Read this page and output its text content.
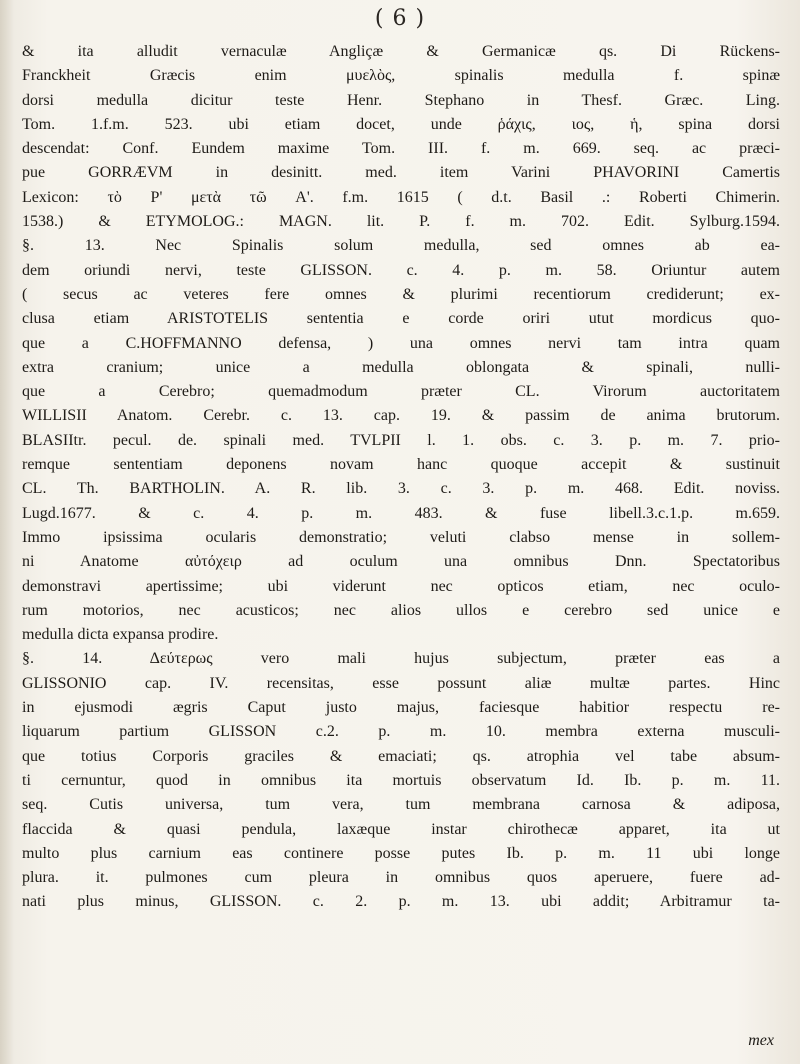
( 6 )
& ita alludit vernaculæ Angliçæ & Germanicæ qs. Di Rückens-
Franckheit Græcis enim μυελὸς, spinalis medulla f. spinæ
dorsi medulla dicitur teste Henr. Stephano in Thesf. Græc. Ling.
Tom. 1.f.m. 523. ubi etiam docet, unde ῥάχις, ιος, ἡ, spina dorsi
descendat: Conf. Eundem maxime Tom. III. f. m. 669. seq. ac præci-
pue GORRÆVM in desinitt. med. item Varini PHAVORINI Camertis
Lexicon: τὸ P' μετὰ τῶ A'. f.m. 1615 ( d.t. Basil .: Roberti Chimerin.
1538.) & ETYMOLOG.: MAGN. lit. P. f. m. 702. Edit. Sylburg.1594.
§. 13. Nec Spinalis solum medulla, sed omnes ab ea-
dem oriundi nervi, teste GLISSON. c. 4. p. m. 58. Oriuntur autem
( secus ac veteres fere omnes & plurimi recentiorum crediderunt; ex-
clusa etiam ARISTOTELIS sententia e corde oriri utut mordicus quo-
que a C.HOFFMANNO defensa, ) una omnes nervi tam intra quam
extra cranium; unice a medulla oblongata & spinali, nulli-
que a Cerebro; quemadmodum præter CL. Virorum auctoritatem
WILLISII Anatom. Cerebr. c. 13. cap. 19. & passim de anima brutorum.
BLASIItr. pecul. de. spinali med. TVLPII l. 1. obs. c. 3. p. m. 7. prio-
remque sententiam deponens novam hanc quoque accepit & sustinuit
CL. Th. BARTHOLIN. A. R. lib. 3. c. 3. p. m. 468. Edit. noviss.
Lugd.1677. & c. 4. p. m. 483. & fuse libell.3.c.1.p. m.659.
Immo ipsissima ocularis demonstratio; veluti clabso mense in sollem-
ni Anatome αὐτόχειρ ad oculum una omnibus Dnn. Spectatoribus
demonstravi apertissime; ubi viderunt nec opticos etiam, nec oculo-
rum motorios, nec acusticos; nec alios ullos e cerebro sed unice e
medulla dicta expansa prodire.
§. 14. Δεύτερως vero mali hujus subjectum, præter eas a
GLISSONIO cap. IV. recensitas, esse possunt aliæ multæ partes. Hinc
in ejusmodi ægris Caput justo majus, faciesque habitior respectu re-
liquarum partium GLISSON c.2. p. m. 10. membra externa musculi-
que totius Corporis graciles & emaciati; qs. atrophia vel tabe absum-
ti cernuntur, quod in omnibus ita mortuis observatum Id. Ib. p. m. 11.
seq. Cutis universa, tum vera, tum membrana carnosa & adiposa,
flaccida & quasi pendula, laxæque instar chirothecæ apparet, ita ut
multo plus carnium eas continere posse putes Ib. p. m. 11 ubi longe
plura. it. pulmones cum pleura in omnibus quos aperuere, fuere ad-
nati plus minus, GLISSON. c. 2. p. m. 13. ubi addit; Arbitramur ta-
mex
